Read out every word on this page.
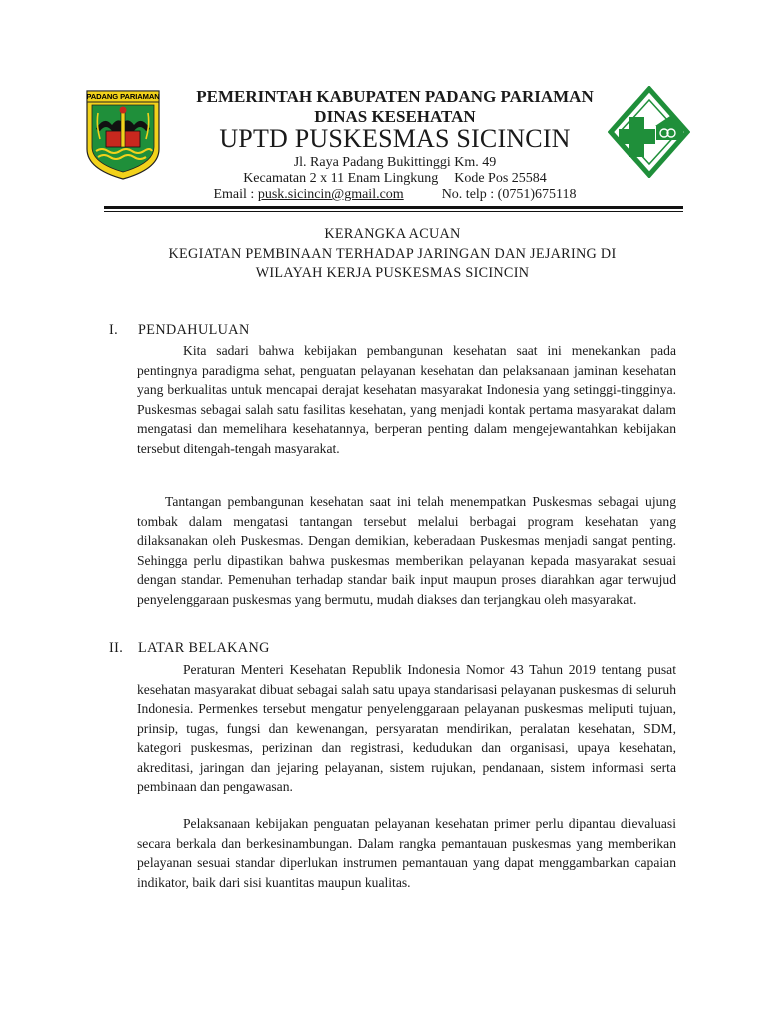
PADANG PARIAMAN	PEMERINTAH KABUPATEN PADANG PARIAMAN
DINAS KESEHATAN
UPTD PUSKESMAS SICINCIN
Jl. Raya Padang Bukittinggi Km. 49
Kecamatan 2 x 11 Enam Lingkung Kode Pos 25584
Email : pusk.sicincin@gmail.com	No. telp : (0751)675118
KERANGKA ACUAN
KEGIATAN PEMBINAAN TERHADAP JARINGAN DAN JEJARING DI
WILAYAH KERJA PUSKESMAS SICINCIN
I. PENDAHULUAN

Kita sadari bahwa kebijakan pembangunan kesehatan saat ini menekankan pada pentingnya paradigma sehat, penguatan pelayanan kesehatan dan pelaksanaan jaminan kesehatan yang berkualitas untuk mencapai derajat kesehatan masyarakat Indonesia yang setinggi-tingginya. Puskesmas sebagai salah satu fasilitas kesehatan, yang menjadi kontak pertama masyarakat dalam mengatasi dan memelihara kesehatannya, berperan penting dalam mengejewantahkan kebijakan tersebut ditengah-tengah masyarakat.

Tantangan pembangunan kesehatan saat ini telah menempatkan Puskesmas sebagai ujung tombak dalam mengatasi tantangan tersebut melalui berbagai program kesehatan yang dilaksanakan oleh Puskesmas. Dengan demikian, keberadaan Puskesmas menjadi sangat penting. Sehingga perlu dipastikan bahwa puskesmas memberikan pelayanan kepada masyarakat sesuai dengan standar. Pemenuhan terhadap standar baik input maupun proses diarahkan agar terwujud penyelenggaraan puskesmas yang bermutu, mudah diakses dan terjangkau oleh masyarakat.

II. LATAR BELAKANG

Peraturan Menteri Kesehatan Republik Indonesia Nomor 43 Tahun 2019 tentang pusat kesehatan masyarakat dibuat sebagai salah satu upaya standarisasi pelayanan puskesmas di seluruh Indonesia. Permenkes tersebut mengatur penyelenggaraan pelayanan puskesmas meliputi tujuan, prinsip, tugas, fungsi dan kewenangan, persyaratan mendirikan, peralatan kesehatan, SDM, kategori puskesmas, perizinan dan registrasi, kedudukan dan organisasi, upaya kesehatan, akreditasi, jaringan dan jejaring pelayanan, sistem rujukan, pendanaan, sistem informasi serta pembinaan dan pengawasan.

Pelaksanaan kebijakan penguatan pelayanan kesehatan primer perlu dipantau dievaluasi secara berkala dan berkesinambungan. Dalam rangka pemantauan puskesmas yang memberikan pelayanan sesuai standar diperlukan instrumen pemantauan yang dapat menggambarkan capaian indikator, baik dari sisi kuantitas maupun kualitas.
